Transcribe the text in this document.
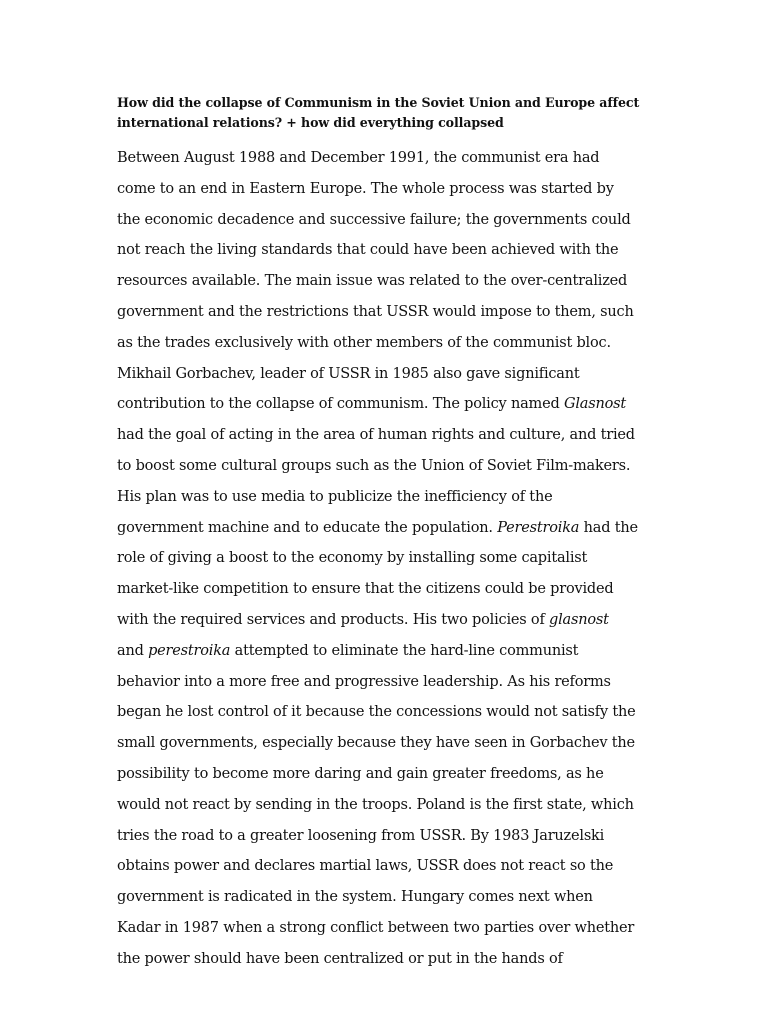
How did the collapse of Communism in the Soviet Union and Europe affect
international relations? + how did everything collapsed
Between August 1988 and December 1991, the communist era had
come to an end in Eastern Europe. The whole process was started by
the economic decadence and successive failure; the governments could
not reach the living standards that could have been achieved with the
resources available. The main issue was related to the over-centralized
government and the restrictions that USSR would impose to them, such
as the trades exclusively with other members of the communist bloc.
Mikhail Gorbachev, leader of USSR in 1985 also gave significant
contribution to the collapse of communism. The policy named Glasnost
had the goal of acting in the area of human rights and culture, and tried
to boost some cultural groups such as the Union of Soviet Film-makers.
His plan was to use media to publicize the inefficiency of the
government machine and to educate the population. Perestroika had the
role of giving a boost to the economy by installing some capitalist
market-like competition to ensure that the citizens could be provided
with the required services and products. His two policies of glasnost
and perestroika attempted to eliminate the hard-line communist
behavior into a more free and progressive leadership. As his reforms
began he lost control of it because the concessions would not satisfy the
small governments, especially because they have seen in Gorbachev the
possibility to become more daring and gain greater freedoms, as he
would not react by sending in the troops. Poland is the first state, which
tries the road to a greater loosening from USSR. By 1983 Jaruzelski
obtains power and declares martial laws, USSR does not react so the
government is radicated in the system. Hungary comes next when
Kadar in 1987 when a strong conflict between two parties over whether
the power should have been centralized or put in the hands of
